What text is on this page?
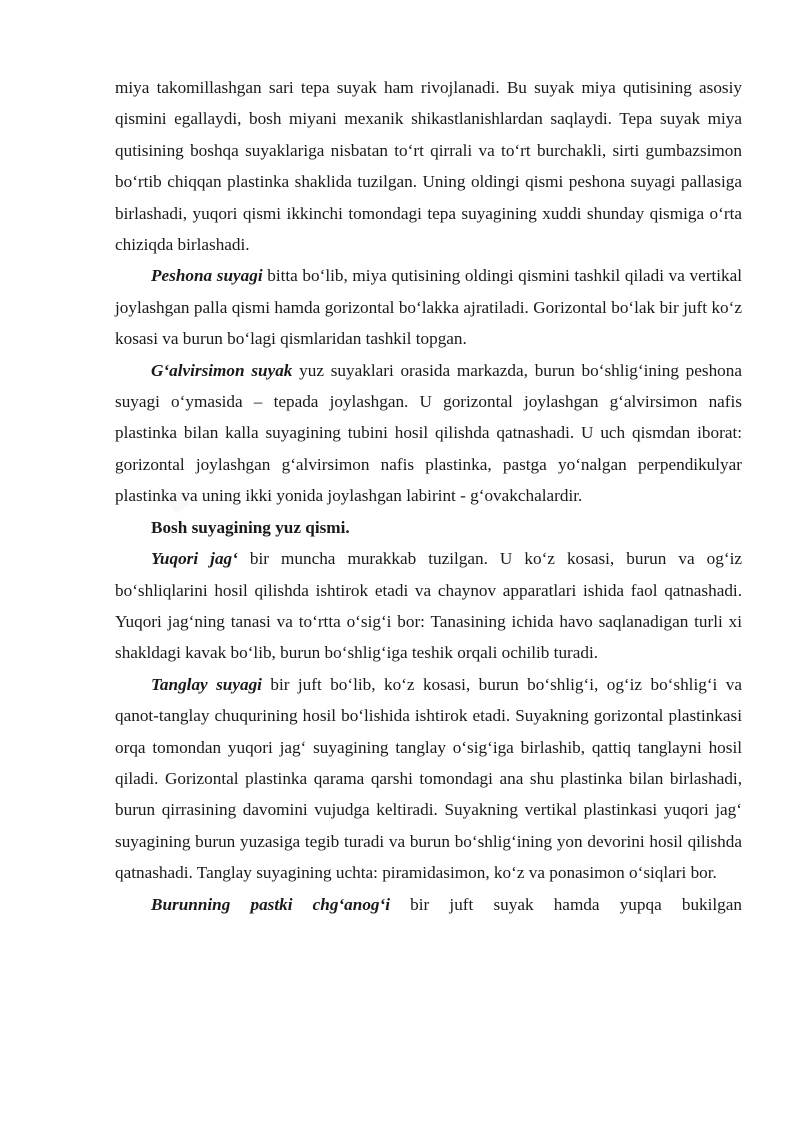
miya takomillashgan sari tepa suyak ham rivojlanadi. Bu suyak miya qutisining asosiy qismini egallaydi, bosh miyani mexanik shikastlanishlardan saqlaydi. Tepa suyak miya qutisining boshqa suyaklariga nisbatan to‘rt qirrali va to‘rt burchakli, sirti gumbazsimon bo‘rtib chiqqan plastinka shaklida tuzilgan. Uning oldingi qismi peshona suyagi pallasiga birlashadi, yuqori qismi ikkinchi tomondagi tepa suyagining xuddi shunday qismiga o‘rta chiziqda birlashadi.

Peshona suyagi bitta bo‘lib, miya qutisining oldingi qismini tashkil qiladi va vertikal joylashgan palla qismi hamda gorizontal bo‘lakka ajratiladi. Gorizontal bo‘lak bir juft ko‘z kosasi va burun bo‘lagi qismlaridan tashkil topgan.

G‘alvirsimon suyak yuz suyaklari orasida markazda, burun bo‘shlig‘ining peshona suyagi o‘ymasida – tepada joylashgan. U gorizontal joylashgan g‘alvirsimon nafis plastinka bilan kalla suyagining tubini hosil qilishda qatnashadi. U uch qismdan iborat: gorizontal joylashgan g‘alvirsimon nafis plastinka, pastga yo‘nalgan perpendikulyar plastinka va uning ikki yonida joylashgan labirint - g‘ovakchalardir.

Bosh suyagining yuz qismi.

Yuqori jag‘ bir muncha murakkab tuzilgan. U ko‘z kosasi, burun va og‘iz bo‘shliqlarini hosil qilishda ishtirok etadi va chaynov apparatlari ishida faol qatnashadi. Yuqori jag‘ning tanasi va to‘rtta o‘sig‘i bor: Tanasining ichida havo saqlanadigan turli xi shakldagi kavak bo‘lib, burun bo‘shlig‘iga teshik orqali ochilib turadi.

Tanglay suyagi bir juft bo‘lib, ko‘z kosasi, burun bo‘shlig‘i, og‘iz bo‘shlig‘i va qanot-tanglay chuqurining hosil bo‘lishida ishtirok etadi. Suyakning gorizontal plastinkasi orqa tomondan yuqori jag‘ suyagining tanglay o‘sig‘iga birlashib, qattiq tanglayni hosil qiladi. Gorizontal plastinka qarama qarshi tomondagi ana shu plastinka bilan birlashadi, burun qirrasining davomini vujudga keltiradi. Suyakning vertikal plastinkasi yuqori jag‘ suyagining burun yuzasiga tegib turadi va burun bo‘shlig‘ining yon devorini hosil qilishda qatnashadi. Tanglay suyagining uchta: piramidasimon, ko‘z va ponasimon o‘siqlari bor.

Burunning pastki chg‘anog‘i bir juft suyak hamda yupqa bukilgan
